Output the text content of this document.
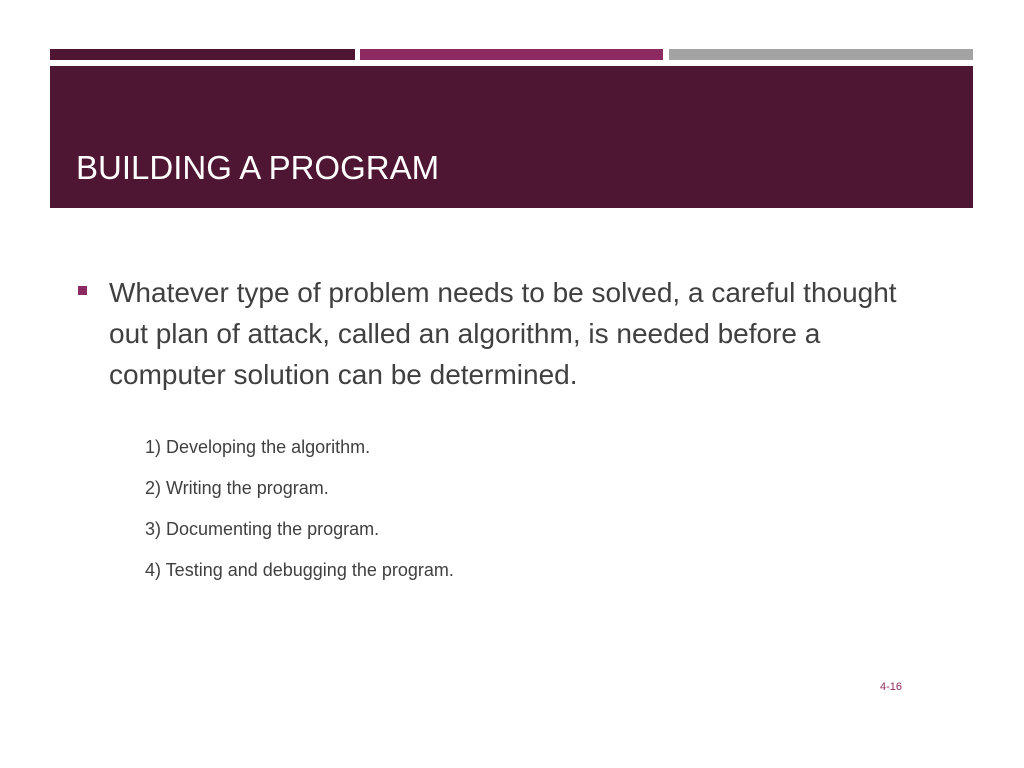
BUILDING A PROGRAM

Whatever type of problem needs to be solved, a careful thought out plan of attack, called an algorithm, is needed before a computer solution can be determined.

1) Developing the algorithm.
2) Writing the program.
3) Documenting the program.
4) Testing and debugging the program.
4-16
